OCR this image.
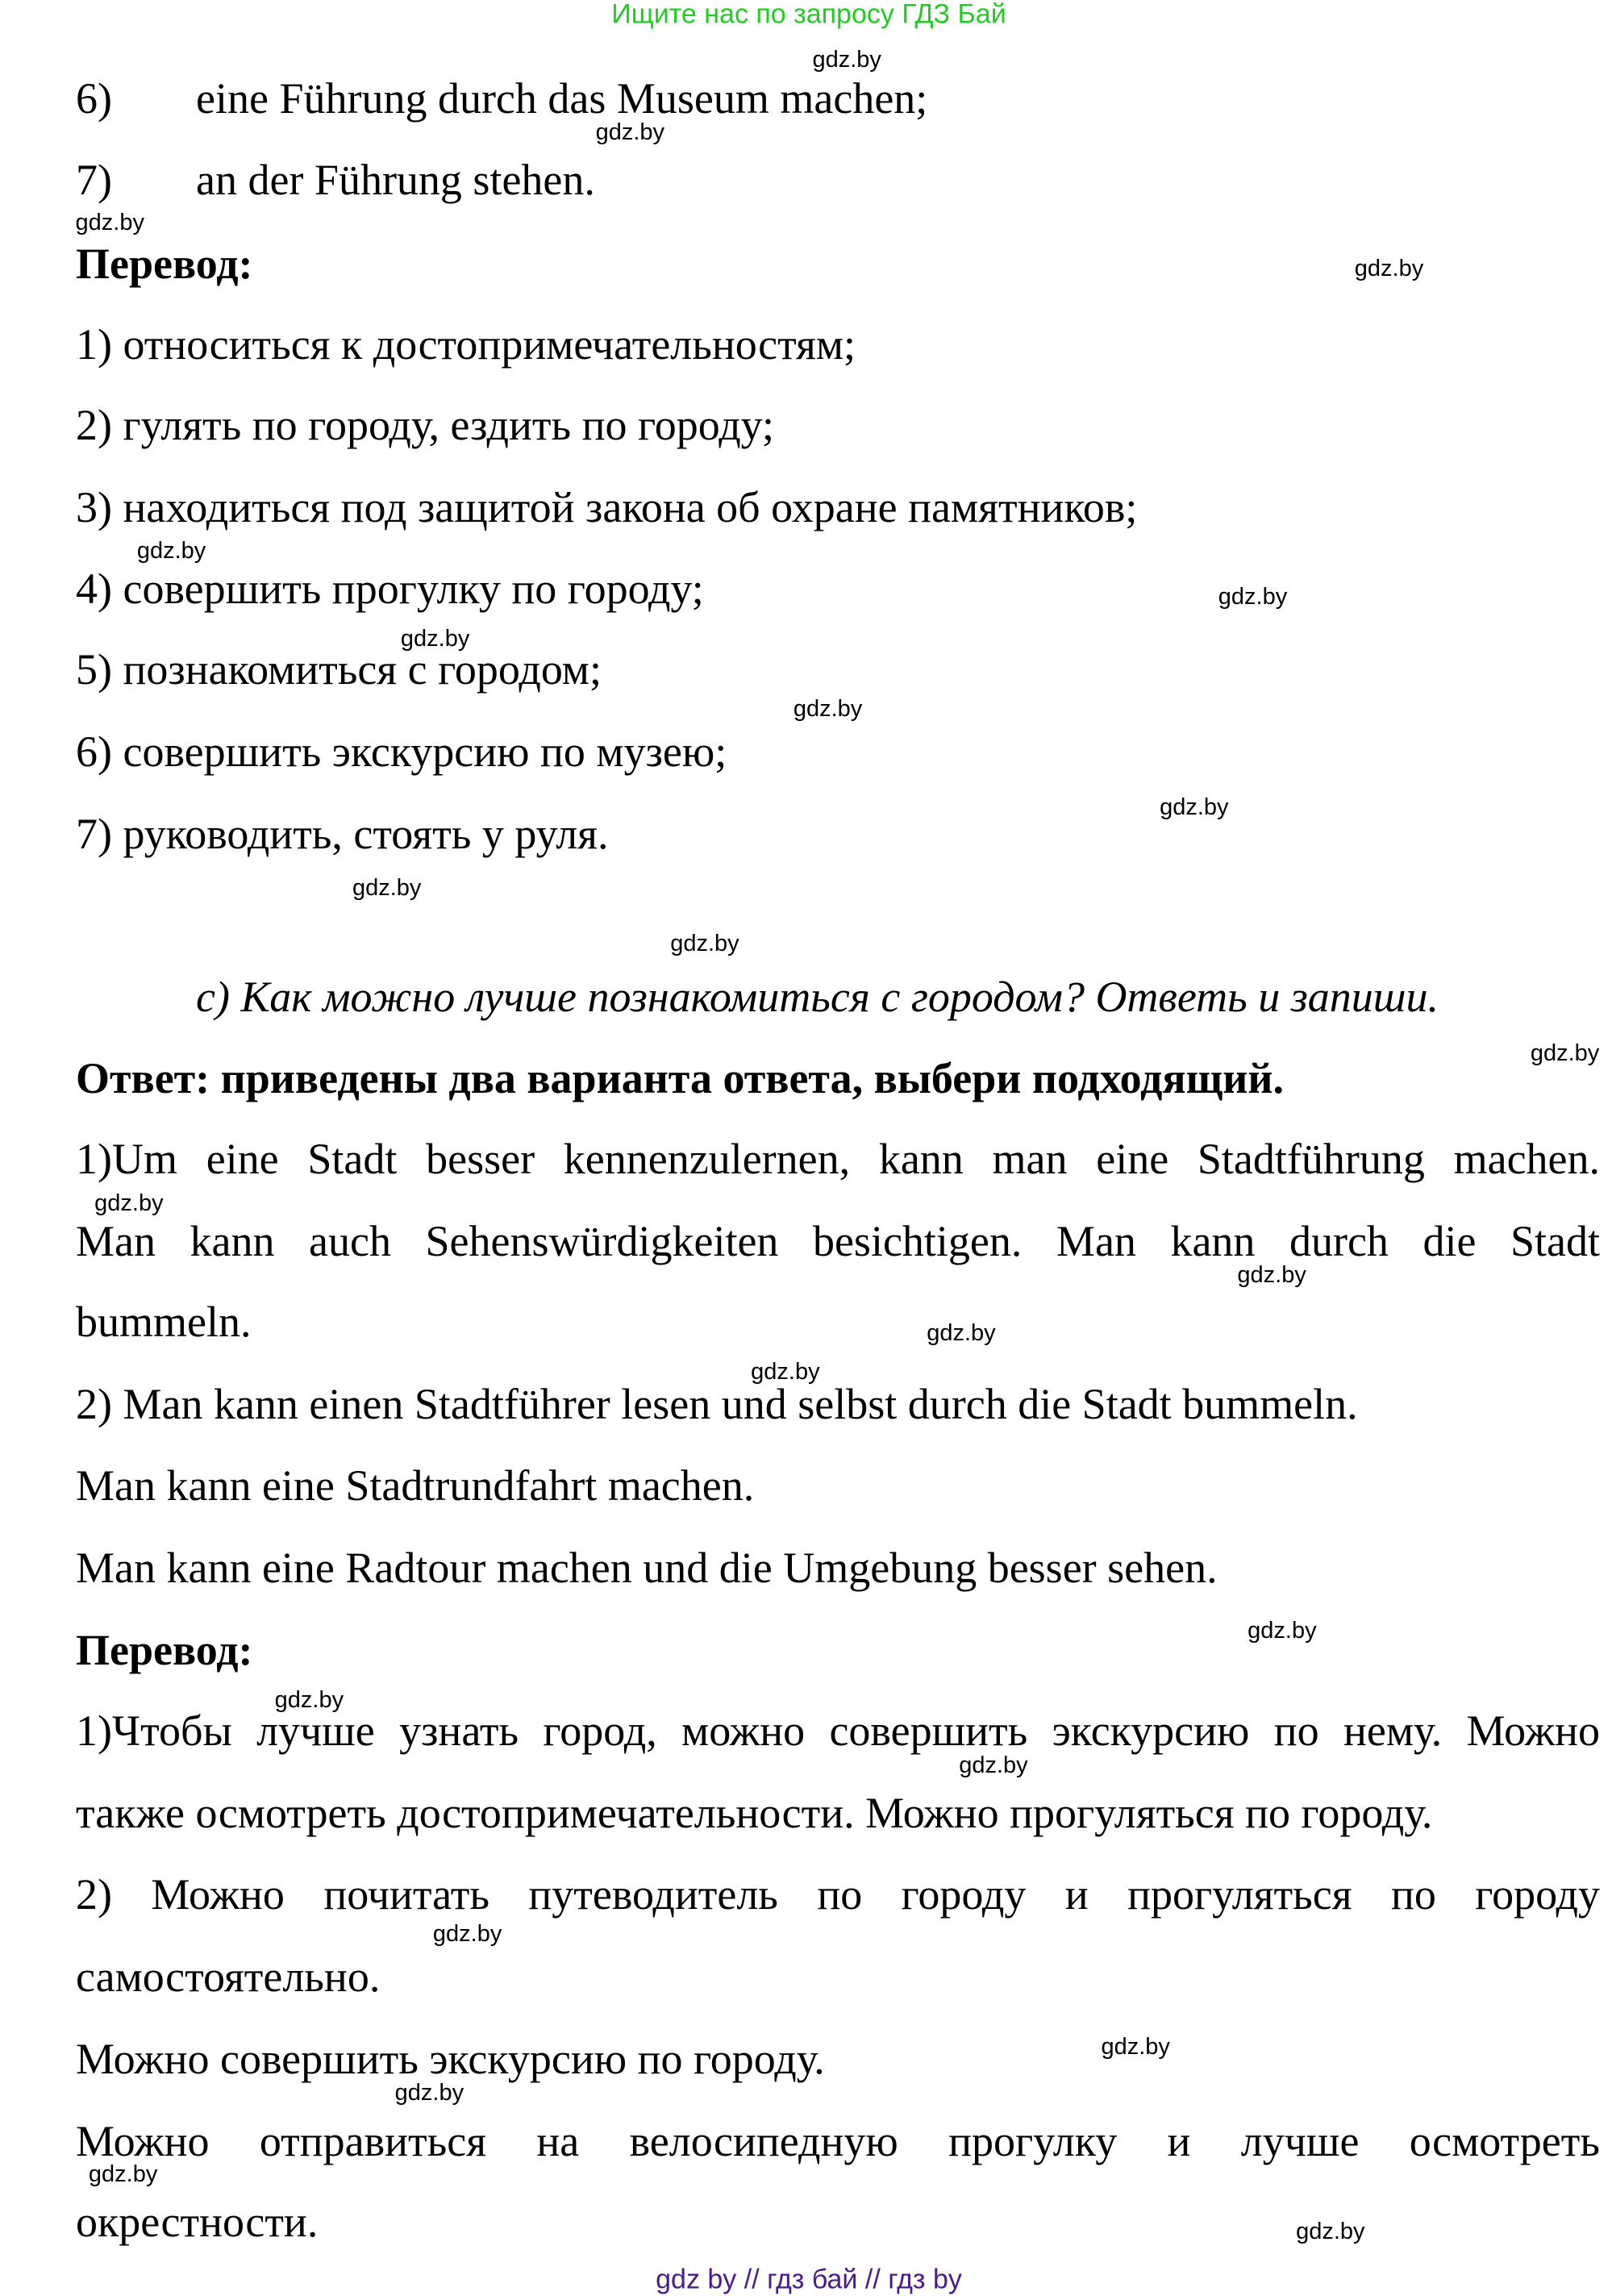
Ищите нас по запросу ГДЗ Бай
6) eine Führung durch das Museum machen;
7) an der Führung stehen.
Перевод:
1) относиться к достопримечательностям;
2) гулять по городу, ездить по городу;
3) находиться под защитой закона об охране памятников;
4) совершить прогулку по городу;
5) познакомиться с городом;
6) совершить экскурсию по музею;
7) руководить, стоять у руля.
c) Как можно лучше познакомиться с городом? Ответь и запиши.
Ответ: приведены два варианта ответа, выбери подходящий.
1)Um eine Stadt besser kennenzulernen, kann man eine Stadtführung machen.
Man kann auch Sehenswürdigkeiten besichtigen. Man kann durch die Stadt
bummeln.
2) Man kann einen Stadtführer lesen und selbst durch die Stadt bummeln.
Man kann eine Stadtrundfahrt machen.
Man kann eine Radtour machen und die Umgebung besser sehen.
Перевод:
1)Чтобы лучше узнать город, можно совершить экскурсию по нему. Можно
также осмотреть достопримечательности. Можно прогуляться по городу.
2) Можно почитать путеводитель по городу и прогуляться по городу
самостоятельно.
Можно совершить экскурсию по городу.
Можно отправиться на велосипедную прогулку и лучше осмотреть
окрестности.
gdz by // гдз бай // гдз by
gdz.by
gdz.by
gdz.by
gdz.by
gdz.by
gdz.by
gdz.by
gdz.by
gdz.by
gdz.by
gdz.by
gdz.by
gdz.by
gdz.by
gdz.by
gdz.by
gdz.by
gdz.by
gdz.by
gdz.by
gdz.by
gdz.by
gdz.by
gdz.by
